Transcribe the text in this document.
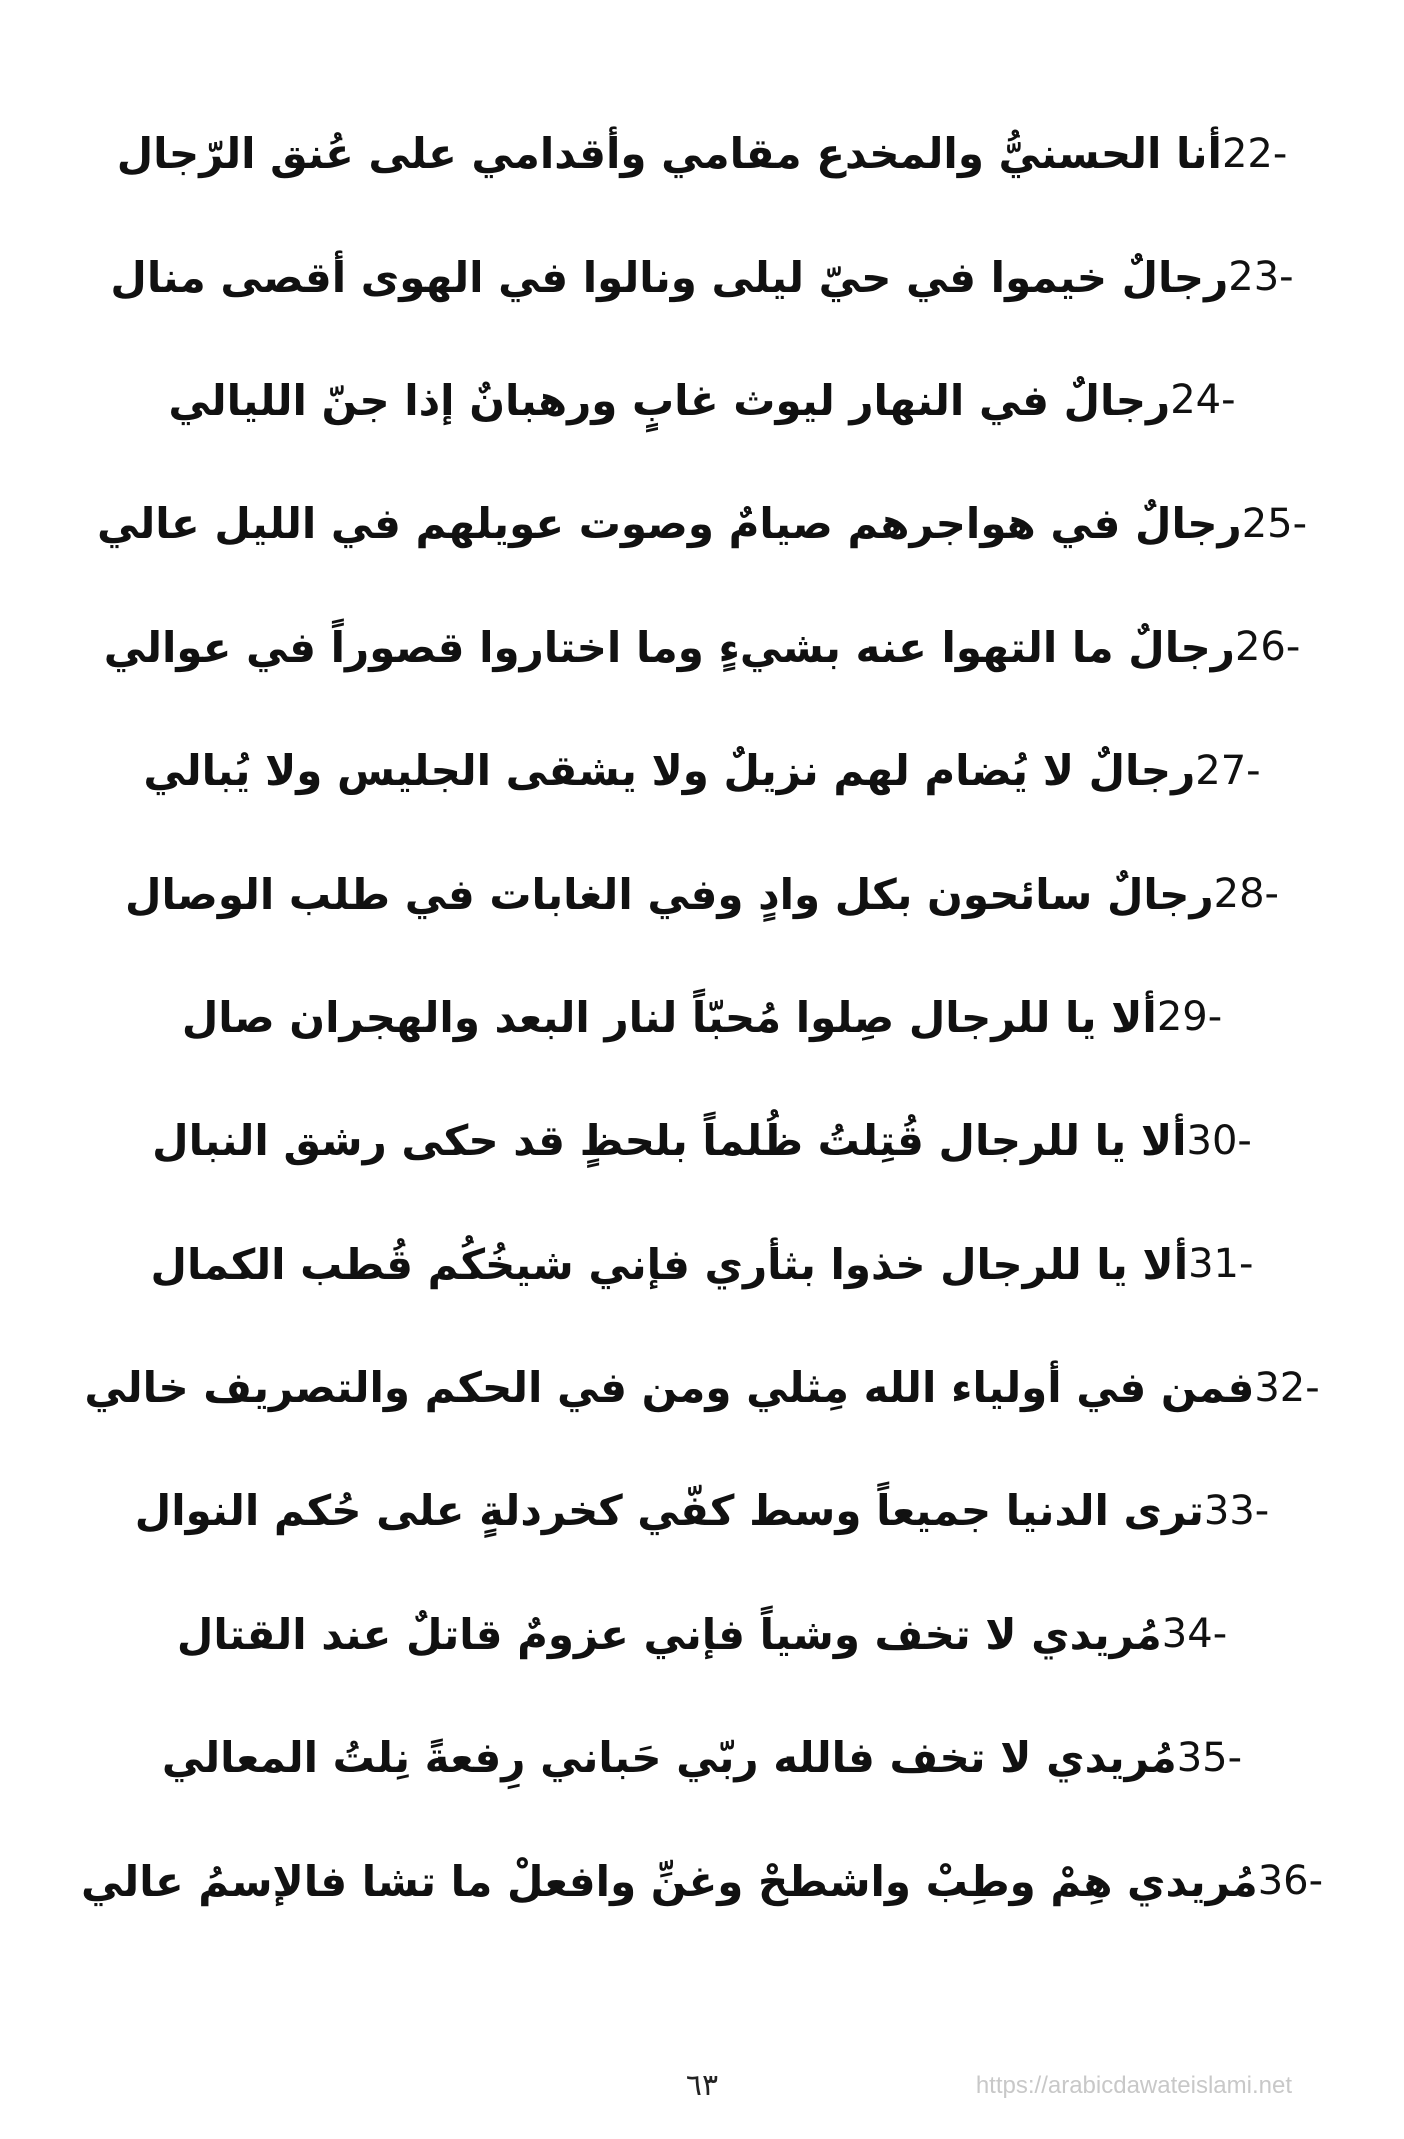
-22
أنا الحسنيُّ والمخدع مقامي وأقدامي على عُنق الرّجال
-23
رجالٌ خيموا في حيّ ليلى ونالوا في الهوى أقصى منال
-24
رجالٌ في النهار ليوث غابٍ ورهبانٌ إذا جنّ الليالي
-25
رجالٌ في هواجرهم صيامٌ وصوت عويلهم في الليل عالي
-26
رجالٌ ما التهوا عنه بشيءٍ وما اختاروا قصوراً في عوالي
-27
رجالٌ لا يُضام لهم نزيلٌ ولا يشقى الجليس ولا يُبالي
-28
رجالٌ سائحون بكل وادٍ وفي الغابات في طلب الوصال
-29
ألا يا للرجال صِلوا مُحبّاً لنار البعد والهجران صال
-30
ألا يا للرجال قُتِلتُ ظُلماً بلحظٍ قد حكى رشق النبال
-31
ألا يا للرجال خذوا بثأري فإني شيخُكُم قُطب الكمال
-32
فمن في أولياء الله مِثلي ومن في الحكم والتصريف خالي
-33
ترى الدنيا جميعاً وسط كفّي كخردلةٍ على حُكم النوال
-34
مُريدي لا تخف وشياً فإني عزومٌ قاتلٌ عند القتال
-35
مُريدي لا تخف فالله ربّي حَباني رِفعةً نِلتُ المعالي
-36
مُريدي هِمْ وطِبْ واشطحْ وغنِّ وافعلْ ما تشا فالإسمُ عالي
٦٣	https://arabicdawateislami.net
